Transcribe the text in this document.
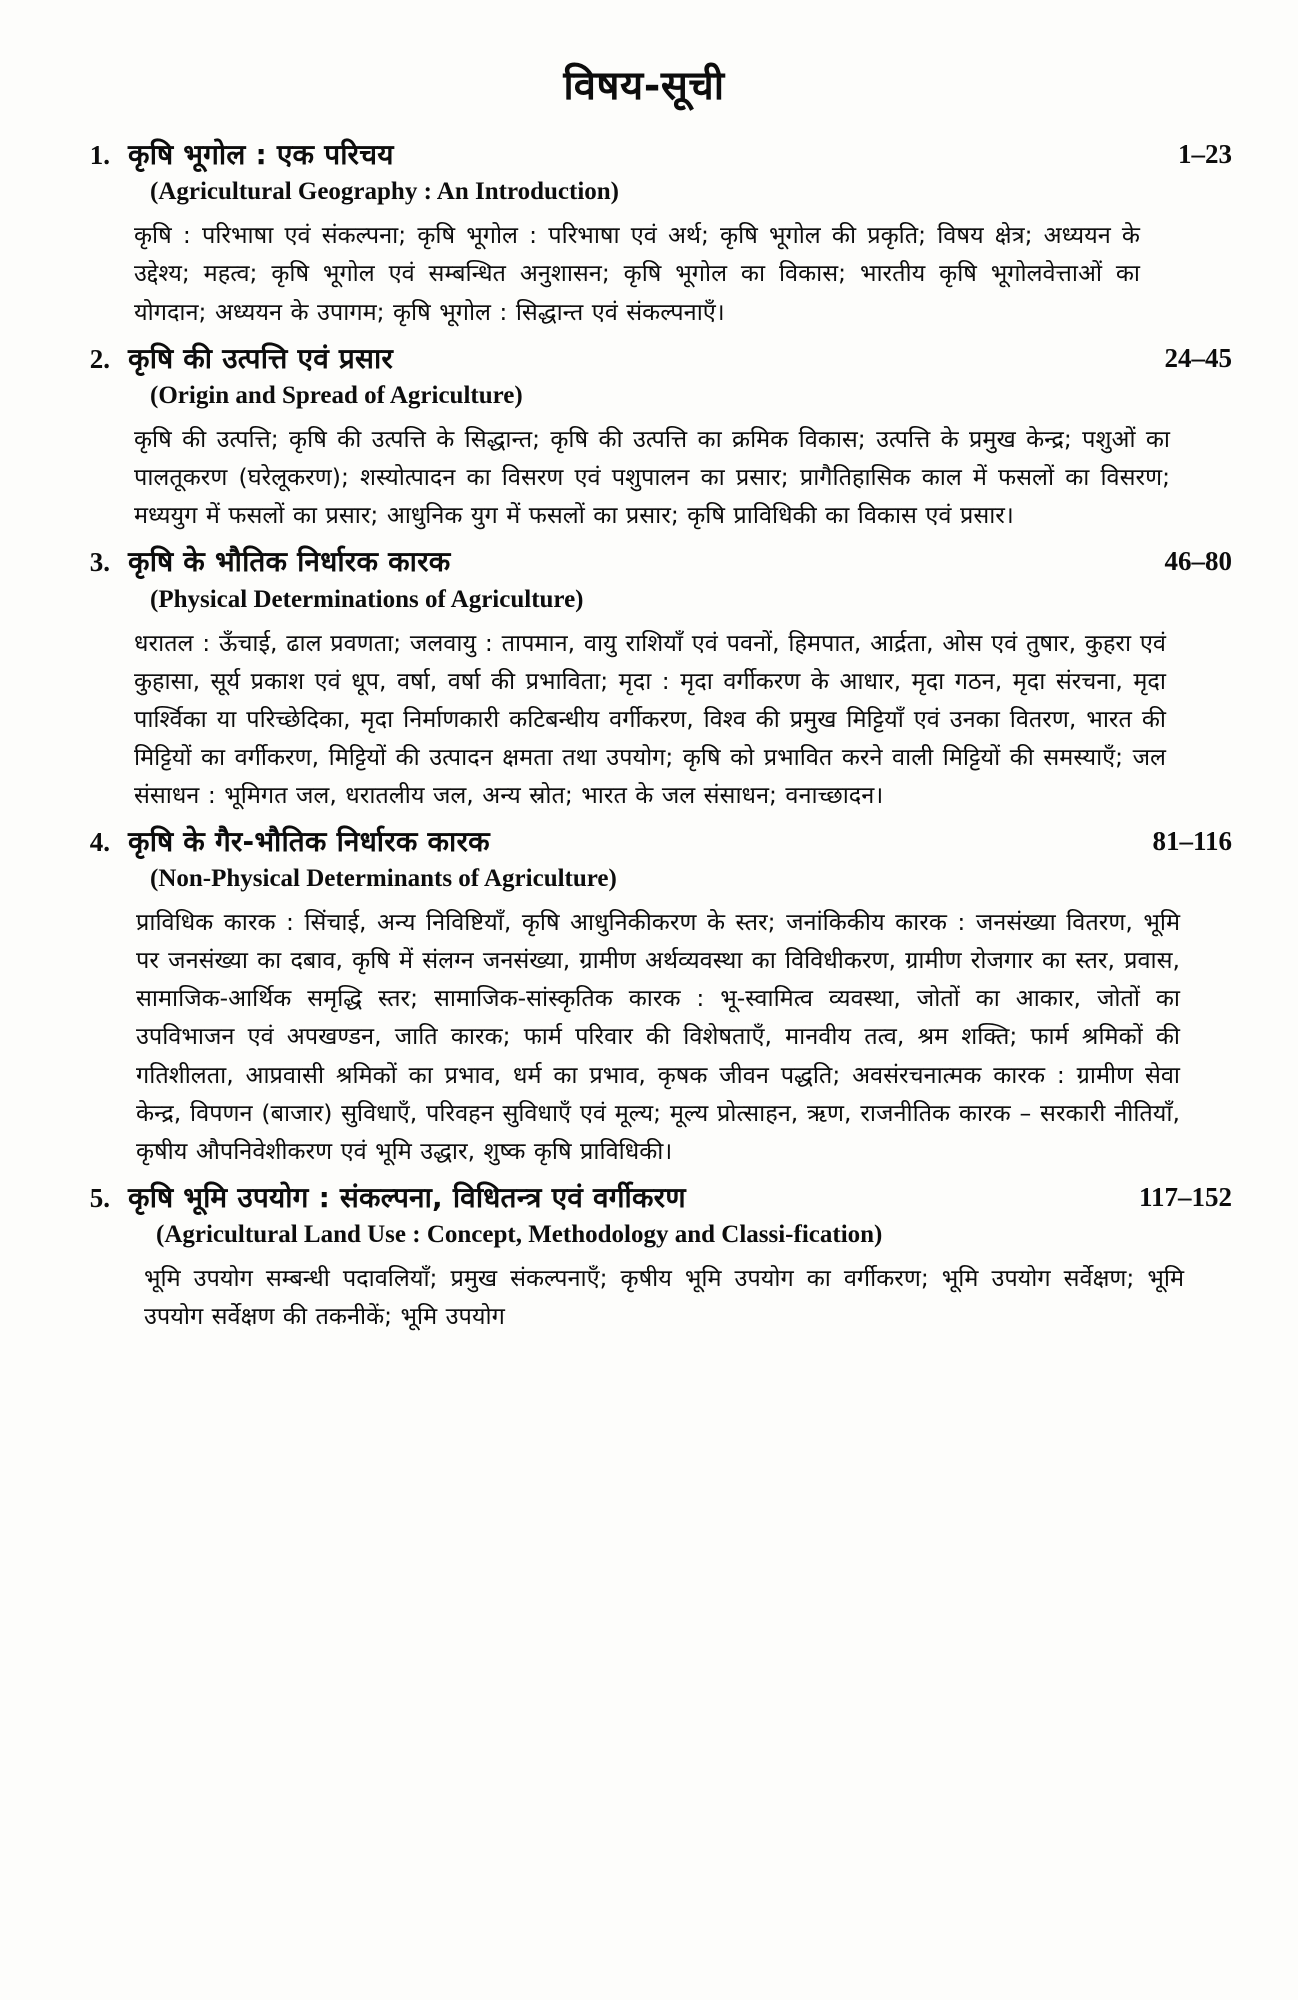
विषय-सूची
1. कृषि भूगोल : एक परिचय
(Agricultural Geography : An Introduction)
1–23
कृषि : परिभाषा एवं संकल्पना; कृषि भूगोल : परिभाषा एवं अर्थ; कृषि भूगोल की प्रकृति; विषय क्षेत्र; अध्ययन के उद्देश्य; महत्व; कृषि भूगोल एवं सम्बन्धित अनुशासन; कृषि भूगोल का विकास; भारतीय कृषि भूगोलवेत्ताओं का योगदान; अध्ययन के उपागम; कृषि भूगोल : सिद्धान्त एवं संकल्पनाएँ।
2. कृषि की उत्पत्ति एवं प्रसार
(Origin and Spread of Agriculture)
24–45
कृषि की उत्पत्ति; कृषि की उत्पत्ति के सिद्धान्त; कृषि की उत्पत्ति का क्रमिक विकास; उत्पत्ति के प्रमुख केन्द्र; पशुओं का पालतूकरण (घरेलूकरण); शस्योत्पादन का विसरण एवं पशुपालन का प्रसार; प्रागैतिहासिक काल में फसलों का विसरण; मध्ययुग में फसलों का प्रसार; आधुनिक युग में फसलों का प्रसार; कृषि प्राविधिकी का विकास एवं प्रसार।
3. कृषि के भौतिक निर्धारक कारक
(Physical Determinations of Agriculture)
46–80
धरातल : ऊँचाई, ढाल प्रवणता; जलवायु : तापमान, वायु राशियाँ एवं पवनों, हिमपात, आर्द्रता, ओस एवं तुषार, कुहरा एवं कुहासा, सूर्य प्रकाश एवं धूप, वर्षा, वर्षा की प्रभाविता; मृदा : मृदा वर्गीकरण के आधार, मृदा गठन, मृदा संरचना, मृदा पार्श्विका या परिच्छेदिका, मृदा निर्माणकारी कटिबन्धीय वर्गीकरण, विश्व की प्रमुख मिट्टियाँ एवं उनका वितरण, भारत की मिट्टियों का वर्गीकरण, मिट्टियों की उत्पादन क्षमता तथा उपयोग; कृषि को प्रभावित करने वाली मिट्टियों की समस्याएँ; जल संसाधन : भूमिगत जल, धरातलीय जल, अन्य स्रोत; भारत के जल संसाधन; वनाच्छादन।
4. कृषि के गैर-भौतिक निर्धारक कारक
(Non-Physical Determinants of Agriculture)
81–116
प्राविधिक कारक : सिंचाई, अन्य निविष्टियाँ, कृषि आधुनिकीकरण के स्तर; जनांकिकीय कारक : जनसंख्या वितरण, भूमि पर जनसंख्या का दबाव, कृषि में संलग्न जनसंख्या, ग्रामीण अर्थव्यवस्था का विविधीकरण, ग्रामीण रोजगार का स्तर, प्रवास, सामाजिक-आर्थिक समृद्धि स्तर; सामाजिक-सांस्कृतिक कारक : भू-स्वामित्व व्यवस्था, जोतों का आकार, जोतों का उपविभाजन एवं अपखण्डन, जाति कारक; फार्म परिवार की विशेषताएँ, मानवीय तत्व, श्रम शक्ति; फार्म श्रमिकों की गतिशीलता, आप्रवासी श्रमिकों का प्रभाव, धर्म का प्रभाव, कृषक जीवन पद्धति; अवसंरचनात्मक कारक : ग्रामीण सेवा केन्द्र, विपणन (बाजार) सुविधाएँ, परिवहन सुविधाएँ एवं मूल्य; मूल्य प्रोत्साहन, ऋण, राजनीतिक कारक – सरकारी नीतियाँ, कृषीय औपनिवेशीकरण एवं भूमि उद्धार, शुष्क कृषि प्राविधिकी।
5. कृषि भूमि उपयोग : संकल्पना, विधितन्त्र एवं वर्गीकरण
(Agricultural Land Use : Concept, Methodology and Classi-fication)
117–152
भूमि उपयोग सम्बन्धी पदावलियाँ; प्रमुख संकल्पनाएँ; कृषीय भूमि उपयोग का वर्गीकरण; भूमि उपयोग सर्वेक्षण; भूमि उपयोग सर्वेक्षण की तकनीकें; भूमि उपयोग
